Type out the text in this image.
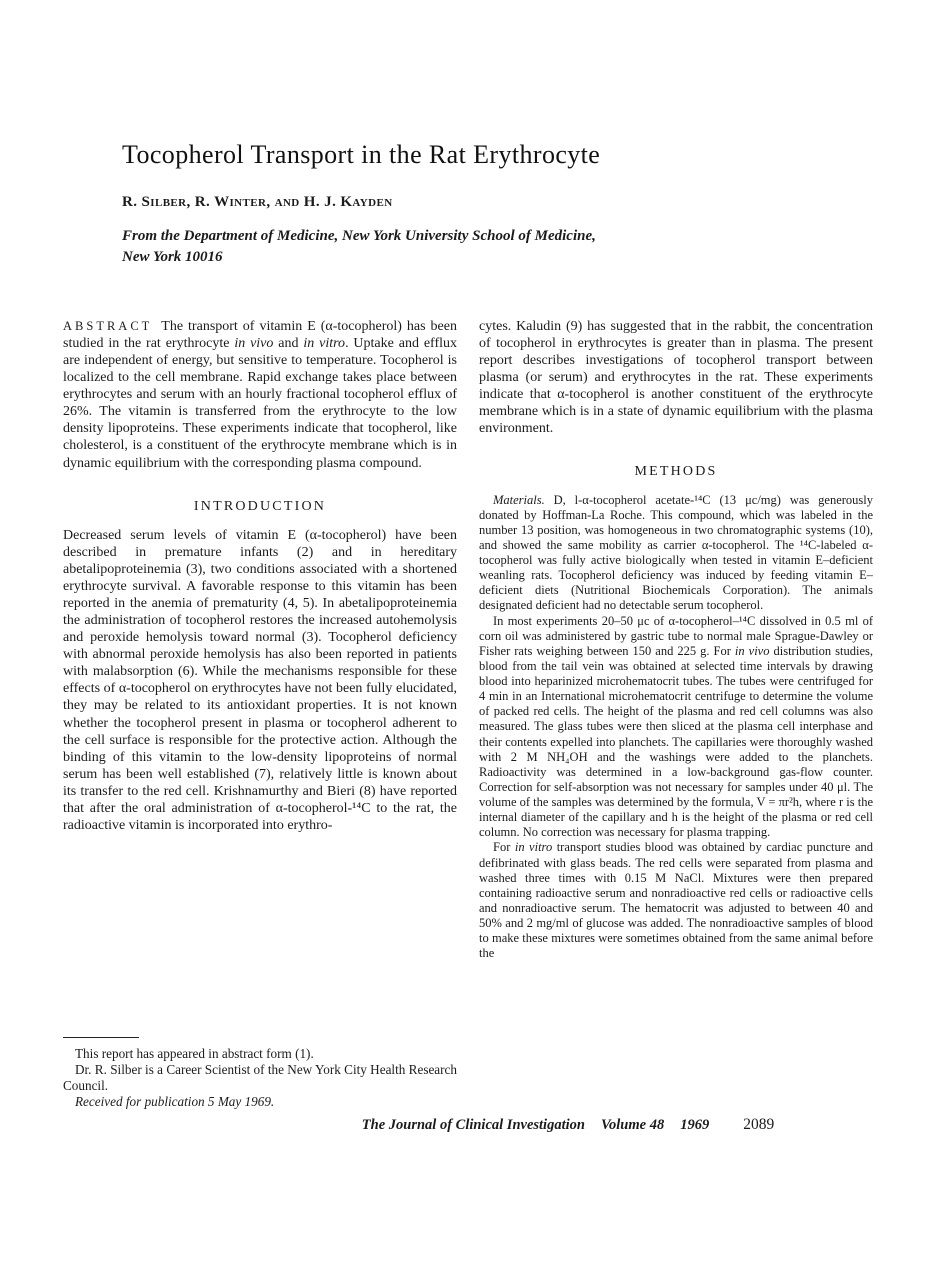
Tocopherol Transport in the Rat Erythrocyte
R. Silber, R. Winter, and H. J. Kayden
From the Department of Medicine, New York University School of Medicine,
New York 10016

ABSTRACT The transport of vitamin E (α-tocopherol) has been studied in the rat erythrocyte in vivo and in vitro. Uptake and efflux are independent of energy, but sensitive to temperature. Tocopherol is localized to the cell membrane. Rapid exchange takes place between erythrocytes and serum with an hourly fractional tocopherol efflux of 26%. The vitamin is transferred from the erythrocyte to the low density lipoproteins. These experiments indicate that tocopherol, like cholesterol, is a constituent of the erythrocyte membrane which is in dynamic equilibrium with the corresponding plasma compound.

INTRODUCTION

Decreased serum levels of vitamin E (α-tocopherol) have been described in premature infants (2) and in hereditary abetalipoproteinemia (3), two conditions associated with a shortened erythrocyte survival. A favorable response to this vitamin has been reported in the anemia of prematurity (4, 5). In abetalipoproteinemia the administration of tocopherol restores the increased autohemolysis and peroxide hemolysis toward normal (3). Tocopherol deficiency with abnormal peroxide hemolysis has also been reported in patients with malabsorption (6). While the mechanisms responsible for these effects of α-tocopherol on erythrocytes have not been fully elucidated, they may be related to its antioxidant properties. It is not known whether the tocopherol present in plasma or tocopherol adherent to the cell surface is responsible for the protective action. Although the binding of this vitamin to the low-density lipoproteins of normal serum has been well established (7), relatively little is known about its transfer to the red cell. Krishnamurthy and Bieri (8) have reported that after the oral administration of α-tocopherol-¹⁴C to the rat, the radioactive vitamin is incorporated into erythro-

This report has appeared in abstract form (1).

Dr. R. Silber is a Career Scientist of the New York City Health Research Council.

Received for publication 5 May 1969.

cytes. Kaludin (9) has suggested that in the rabbit, the concentration of tocopherol in erythrocytes is greater than in plasma. The present report describes investigations of tocopherol transport between plasma (or serum) and erythrocytes in the rat. These experiments indicate that α-tocopherol is another constituent of the erythrocyte membrane which is in a state of dynamic equilibrium with the plasma environment.

METHODS

Materials. D, l-α-tocopherol acetate-¹⁴C (13 μc/mg) was generously donated by Hoffman-La Roche. This compound, which was labeled in the number 13 position, was homogeneous in two chromatographic systems (10), and showed the same mobility as carrier α-tocopherol. The ¹⁴C-labeled α-tocopherol was fully active biologically when tested in vitamin E–deficient weanling rats. Tocopherol deficiency was induced by feeding vitamin E–deficient diets (Nutritional Biochemicals Corporation). The animals designated deficient had no detectable serum tocopherol.

In most experiments 20–50 μc of α-tocopherol–¹⁴C dissolved in 0.5 ml of corn oil was administered by gastric tube to normal male Sprague-Dawley or Fisher rats weighing between 150 and 225 g. For in vivo distribution studies, blood from the tail vein was obtained at selected time intervals by drawing blood into heparinized microhematocrit tubes. The tubes were centrifuged for 4 min in an International microhematocrit centrifuge to determine the volume of packed red cells. The height of the plasma and red cell columns was also measured. The glass tubes were then sliced at the plasma cell interphase and their contents expelled into planchets. The capillaries were thoroughly washed with 2 M NH₄OH and the washings were added to the planchets. Radioactivity was determined in a low-background gas-flow counter. Correction for self-absorption was not necessary for samples under 40 μl. The volume of the samples was determined by the formula, V = πr²h, where r is the internal diameter of the capillary and h is the height of the plasma or red cell column. No correction was necessary for plasma trapping.

For in vitro transport studies blood was obtained by cardiac puncture and defibrinated with glass beads. The red cells were separated from plasma and washed three times with 0.15 M NaCl. Mixtures were then prepared containing radioactive serum and nonradioactive red cells or radioactive cells and nonradioactive serum. The hematocrit was adjusted to between 40 and 50% and 2 mg/ml of glucose was added. The nonradioactive samples of blood to make these mixtures were sometimes obtained from the same animal before the

The Journal of Clinical Investigation Volume 48 1969 2089
